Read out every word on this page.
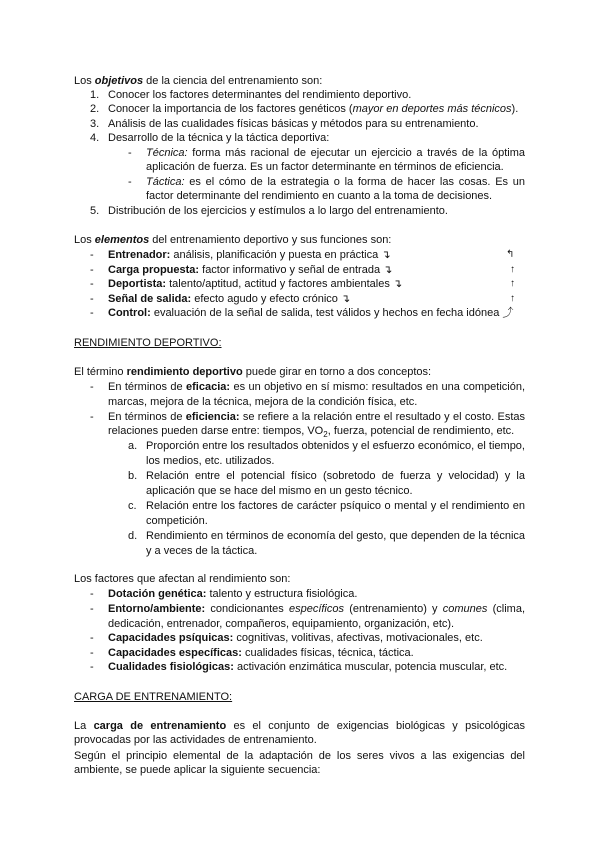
Los objetivos de la ciencia del entrenamiento son:
1. Conocer los factores determinantes del rendimiento deportivo.
2. Conocer la importancia de los factores genéticos (mayor en deportes más técnicos).
3. Análisis de las cualidades físicas básicas y métodos para su entrenamiento.
4. Desarrollo de la técnica y la táctica deportiva:
- Técnica: forma más racional de ejecutar un ejercicio a través de la óptima
aplicación de fuerza. Es un factor determinante en términos de eficiencia.
- Táctica: es el cómo de la estrategia o la forma de hacer las cosas. Es un
factor determinante del rendimiento en cuanto a la toma de decisiones.
5. Distribución de los ejercicios y estímulos a lo largo del entrenamiento.
Los elementos del entrenamiento deportivo y sus funciones son:
- Entrenador: análisis, planificación y puesta en práctica ↴	↰
- Carga propuesta: factor informativo y señal de entrada ↴	↑
- Deportista: talento/aptitud, actitud y factores ambientales ↴	↑
- Señal de salida: efecto agudo y efecto crónico ↴	↑
- Control: evaluación de la señal de salida, test válidos y hechos en fecha idónea ⤴
RENDIMIENTO DEPORTIVO:
El término rendimiento deportivo puede girar en torno a dos conceptos:
- En términos de eficacia: es un objetivo en sí mismo: resultados en una competición,
marcas, mejora de la técnica, mejora de la condición física, etc.
- En términos de eficiencia: se refiere a la relación entre el resultado y el costo. Estas
relaciones pueden darse entre: tiempos, $VO_2$, fuerza, potencial de rendimiento, etc.
a. Proporción entre los resultados obtenidos y el esfuerzo económico, el tiempo,
los medios, etc. utilizados.
b. Relación entre el potencial físico (sobretodo de fuerza y velocidad) y la
aplicación que se hace del mismo en un gesto técnico.
c. Relación entre los factores de carácter psíquico o mental y el rendimiento en
competición.
d. Rendimiento en términos de economía del gesto, que dependen de la técnica
y a veces de la táctica.
Los factores que afectan al rendimiento son:
- Dotación genética: talento y estructura fisiológica.
- Entorno/ambiente: condicionantes específicos (entrenamiento) y comunes (clima,
dedicación, entrenador, compañeros, equipamiento, organización, etc).
- Capacidades psíquicas: cognitivas, volitivas, afectivas, motivacionales, etc.
- Capacidades específicas: cualidades físicas, técnica, táctica.
- Cualidades fisiológicas: activación enzimática muscular, potencia muscular, etc.
CARGA DE ENTRENAMIENTO:
La carga de entrenamiento es el conjunto de exigencias biológicas y psicológicas
provocadas por las actividades de entrenamiento.
Según el principio elemental de la adaptación de los seres vivos a las exigencias del
ambiente, se puede aplicar la siguiente secuencia:
